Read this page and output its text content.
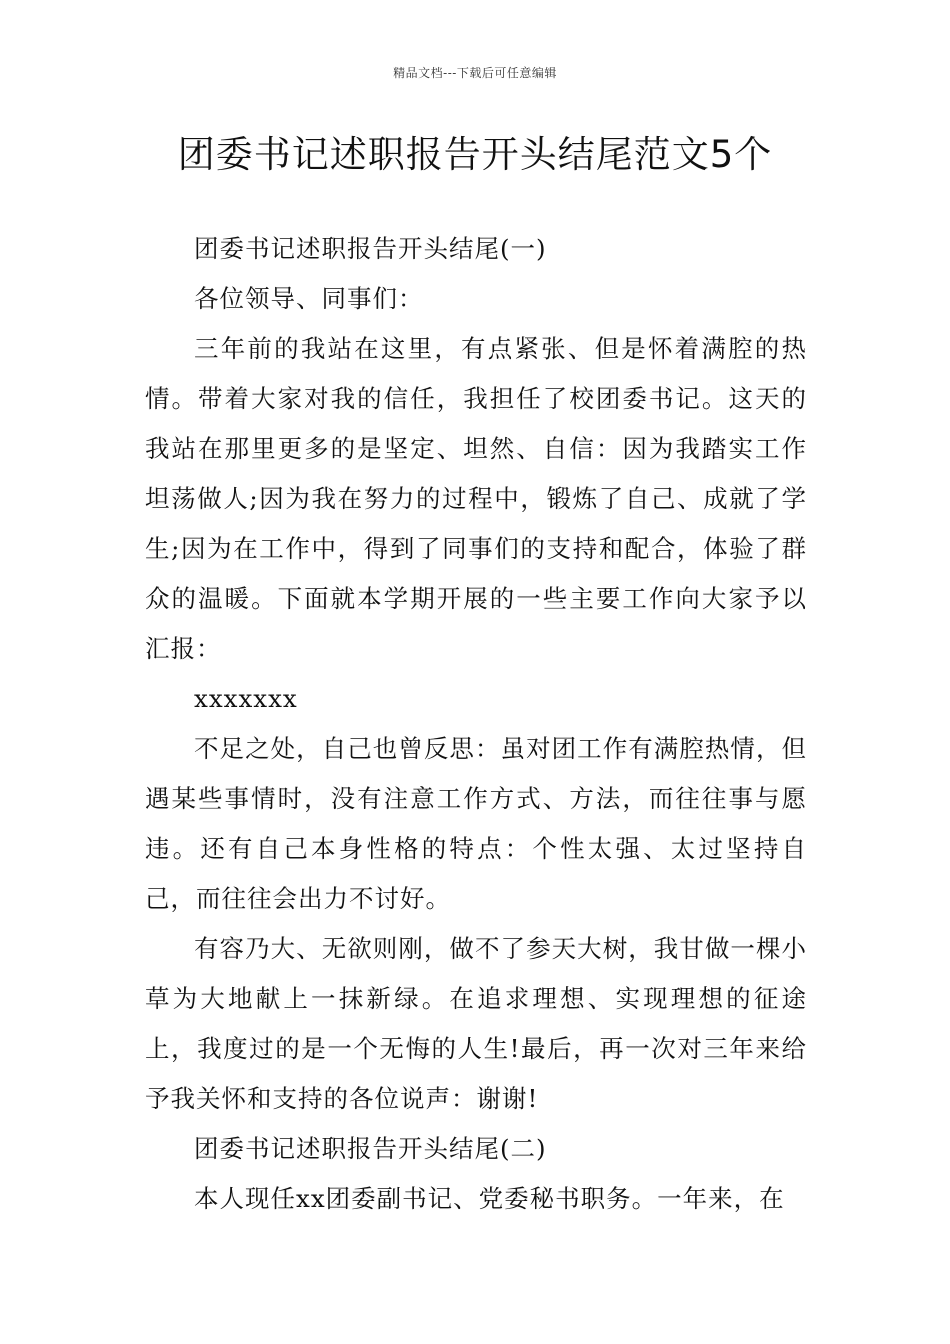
精品文档---下载后可任意编辑
团委书记述职报告开头结尾范文5个

团委书记述职报告开头结尾(一)

各位领导、同事们：

三年前的我站在这里，有点紧张、但是怀着满腔的热情。带着大家对我的信任，我担任了校团委书记。这天的我站在那里更多的是坚定、坦然、自信：因为我踏实工作坦荡做人;因为我在努力的过程中，锻炼了自己、成就了学生;因为在工作中，得到了同事们的支持和配合，体验了群众的温暖。下面就本学期开展的一些主要工作向大家予以汇报：

xxxxxxx

不足之处，自己也曾反思：虽对团工作有满腔热情，但遇某些事情时，没有注意工作方式、方法，而往往事与愿违。还有自己本身性格的特点：个性太强、太过坚持自己，而往往会出力不讨好。

有容乃大、无欲则刚，做不了参天大树，我甘做一棵小草为大地献上一抹新绿。在追求理想、实现理想的征途上，我度过的是一个无悔的人生!最后，再一次对三年来给予我关怀和支持的各位说声：谢谢!

团委书记述职报告开头结尾(二)

本人现任xx团委副书记、党委秘书职务。一年来，在
